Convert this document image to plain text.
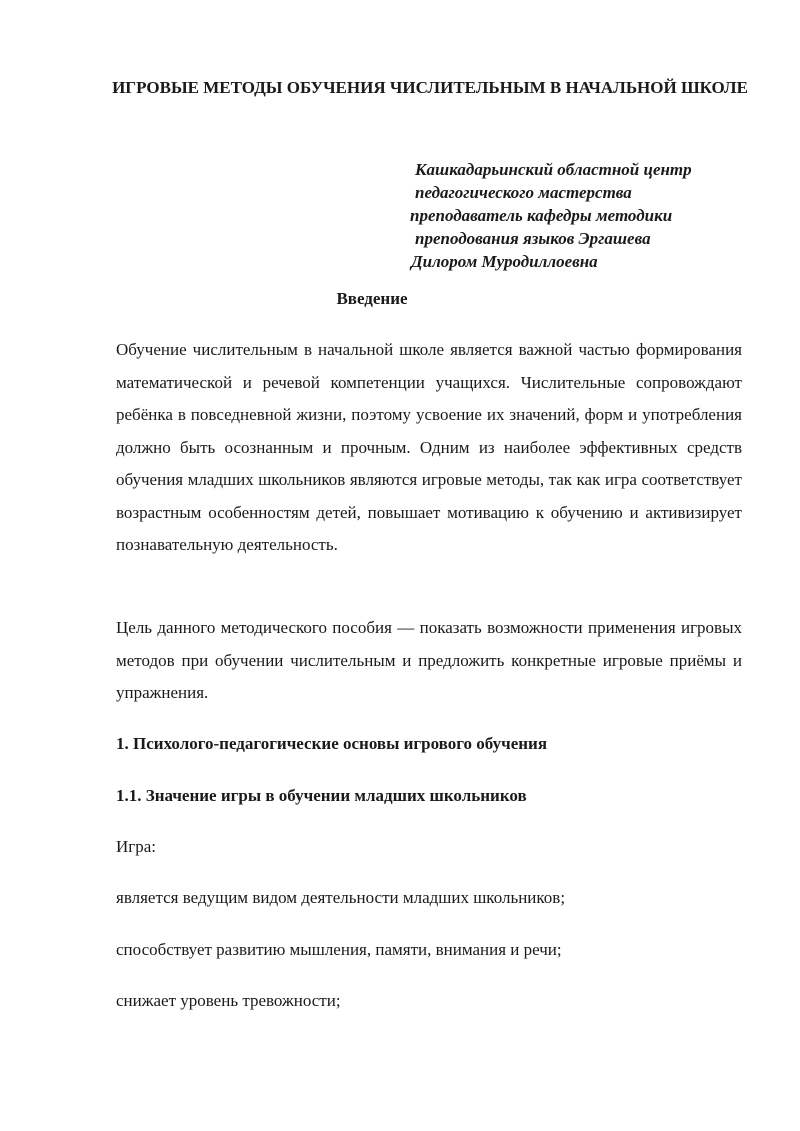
ИГРОВЫЕ МЕТОДЫ ОБУЧЕНИЯ ЧИСЛИТЕЛЬНЫМ В НАЧАЛЬНОЙ ШКОЛЕ
Кашкадарьинский областной центр
педагогического мастерства
преподаватель кафедры методики
преподования языков Эргашева
Дилором Муродиллоевна
Введение

Обучение числительным в начальной школе является важной частью формирования математической и речевой компетенции учащихся. Числительные сопровождают ребёнка в повседневной жизни, поэтому усвоение их значений, форм и употребления должно быть осознанным и прочным. Одним из наиболее эффективных средств обучения младших школьников являются игровые методы, так как игра соответствует возрастным особенностям детей, повышает мотивацию к обучению и активизирует познавательную деятельность.

Цель данного методического пособия — показать возможности применения игровых методов при обучении числительным и предложить конкретные игровые приёмы и упражнения.

1. Психолого-педагогические основы игрового обучения
1.1. Значение игры в обучении младших школьников
Игра:
является ведущим видом деятельности младших школьников;
способствует развитию мышления, памяти, внимания и речи;
снижает уровень тревожности;
